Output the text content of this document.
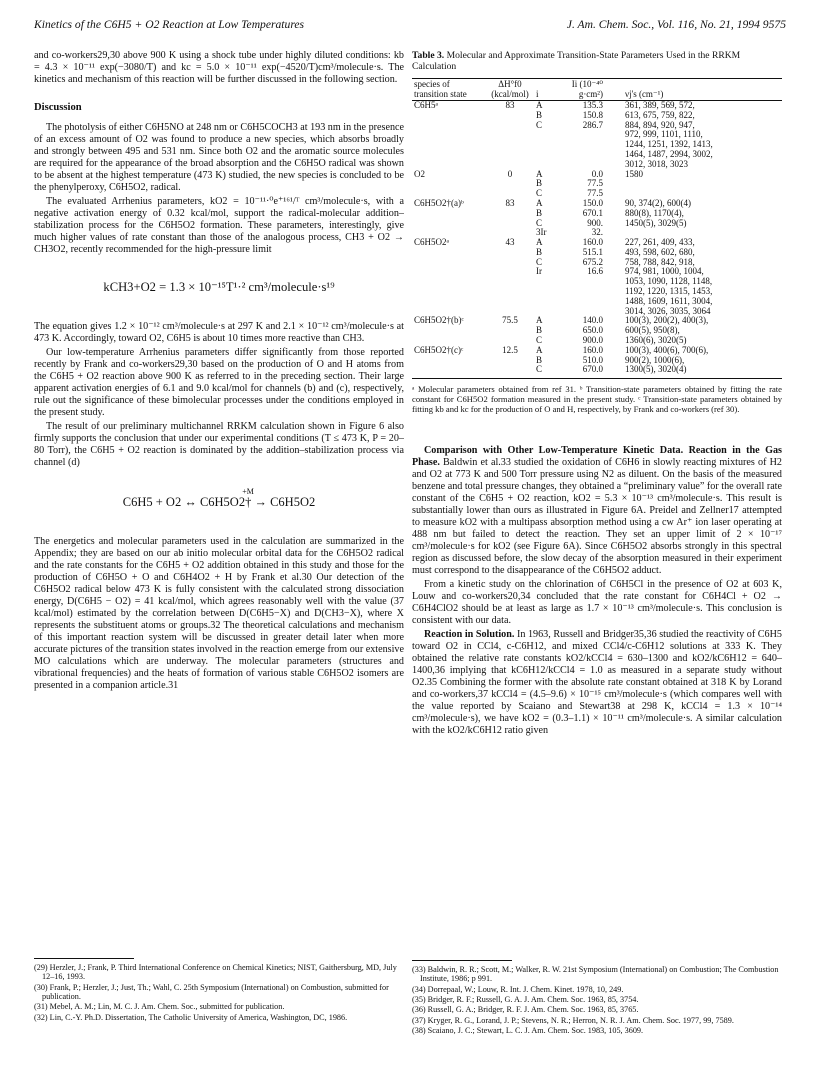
Kinetics of the C6H5 + O2 Reaction at Low Temperatures	J. Am. Chem. Soc., Vol. 116, No. 21, 1994 9575

and co-workers29,30 above 900 K using a shock tube under highly diluted conditions: kb = 4.3 × 10⁻¹¹ exp(−3080/T) and kc = 5.0 × 10⁻¹¹ exp(−4520/T)cm³/molecule·s. The kinetics and mechanism of this reaction will be further discussed in the following section.

Discussion

The photolysis of either C6H5NO at 248 nm or C6H5COCH3 at 193 nm in the presence of an excess amount of O2 was found to produce a new species, which absorbs broadly and strongly between 495 and 531 nm. Since both O2 and the aromatic source molecules are required for the appearance of the broad absorption and the C6H5O radical was shown to be absent at the highest temperature (473 K) studied, the new species is concluded to be the phenylperoxy, C6H5O2, radical.

The evaluated Arrhenius parameters, kO2 = 10⁻¹¹·⁰e⁺¹⁶¹/ᵀ cm³/molecule·s, with a negative activation energy of 0.32 kcal/mol, support the radical-molecular addition–stabilization process for the C6H5O2 formation. These parameters, interestingly, give much higher values of rate constant than those of the analogous process, CH3 + O2 → CH3O2, recently recommended for the high-pressure limit

kCH3+O2 = 1.3 × 10⁻¹⁵T¹·² cm³/molecule·s¹⁹

The equation gives 1.2 × 10⁻¹² cm³/molecule·s at 297 K and 2.1 × 10⁻¹² cm³/molecule·s at 473 K. Accordingly, toward O2, C6H5 is about 10 times more reactive than CH3.

Our low-temperature Arrhenius parameters differ significantly from those reported recently by Frank and co-workers29,30 based on the production of O and H atoms from the C6H5 + O2 reaction above 900 K as referred to in the preceding section. Their large apparent activation energies of 6.1 and 9.0 kcal/mol for channels (b) and (c), respectively, rule out the significance of these bimolecular processes under the conditions employed in the present study.

The result of our preliminary multichannel RRKM calculation shown in Figure 6 also firmly supports the conclusion that under our experimental conditions (T ≤ 473 K, P = 20–80 Torr), the C6H5 + O2 reaction is dominated by the addition–stabilization process via channel (d)

+M
C6H5 + O2 ↔ C6H5O2† → C6H5O2

The energetics and molecular parameters used in the calculation are summarized in the Appendix; they are based on our ab initio molecular orbital data for the C6H5O2 radical and the rate constants for the C6H5 + O2 addition obtained in this study and those for the production of C6H5O + O and C6H4O2 + H by Frank et al.30 Our detection of the C6H5O2 radical below 473 K is fully consistent with the calculated strong dissociation energy, D(C6H5 − O2) = 41 kcal/mol, which agrees reasonably well with the value (37 kcal/mol) estimated by the correlation between D(C6H5−X) and D(CH3−X), where X represents the substituent atoms or groups.32 The theoretical calculations and mechanism of this important reaction system will be discussed in greater detail later when more accurate pictures of the transition states involved in the reaction emerge from our extensive MO calculations which are underway. The molecular parameters (structures and vibrational frequencies) and the heats of formation of various stable C6H5O2 isomers are presented in a companion article.31

(29) Herzler, J.; Frank, P. Third International Conference on Chemical Kinetics; NIST, Gaithersburg, MD, July 12–16, 1993.
(30) Frank, P.; Herzler, J.; Just, Th.; Wahl, C. 25th Symposium (International) on Combustion, submitted for publication.
(31) Mebel, A. M.; Lin, M. C. J. Am. Chem. Soc., submitted for publication.
(32) Lin, C.-Y. Ph.D. Dissertation, The Catholic University of America, Washington, DC, 1986.
Table 3. Molecular and Approximate Transition-State Parameters Used in the RRKM Calculation
species of transition state	ΔH°f0 (kcal/mol)	i	Ii (10⁻⁴⁰ g·cm²)	νj's (cm⁻¹)
C6H5ᵃ	83	A	135.3	361, 389, 569, 572,
		B	150.8	613, 675, 759, 822,
		C	286.7	884, 894, 920, 947,
				972, 999, 1101, 1110,
				1244, 1251, 1392, 1413,
				1464, 1487, 2994, 3002,
				3012, 3018, 3023
O2	0	A	0.0	1580
		B	77.5	
		C	77.5	
C6H5O2†(a)ᵇ	83	A	150.0	90, 374(2), 600(4)
		B	670.1	880(8), 1170(4),
		C	900.	1450(5), 3029(5)
		3Ir	32.	
C6H5O2ᵃ	43	A	160.0	227, 261, 409, 433,
		B	515.1	493, 598, 602, 680,
		C	675.2	758, 788, 842, 918,
		Ir	16.6	974, 981, 1000, 1004,
				1053, 1090, 1128, 1148,
				1192, 1220, 1315, 1453,
				1488, 1609, 1611, 3004,
				3014, 3026, 3035, 3064
C6H5O2†(b)ᶜ	75.5	A	140.0	100(3), 200(2), 400(3),
		B	650.0	600(5), 950(8),
		C	900.0	1360(6), 3020(5)
C6H5O2†(c)ᶜ	12.5	A	160.0	100(3), 400(6), 700(6),
		B	510.0	900(2), 1000(6),
		C	670.0	1300(5), 3020(4)
ᵃ Molecular parameters obtained from ref 31. ᵇ Transition-state parameters obtained by fitting the rate constant for C6H5O2 formation measured in the present study. ᶜ Transition-state parameters obtained by fitting kb and kc for the production of O and H, respectively, by Frank and co-workers (ref 30).

Comparison with Other Low-Temperature Kinetic Data. Reaction in the Gas Phase. Baldwin et al.33 studied the oxidation of C6H6 in slowly reacting mixtures of H2 and O2 at 773 K and 500 Torr pressure using N2 as diluent. On the basis of the measured benzene and total pressure changes, they obtained a “preliminary value” for the overall rate constant of the C6H5 + O2 reaction, kO2 = 5.3 × 10⁻¹³ cm³/molecule·s. This result is substantially lower than ours as illustrated in Figure 6A. Preidel and Zellner17 attempted to measure kO2 with a multipass absorption method using a cw Ar⁺ ion laser operating at 488 nm but failed to detect the reaction. They set an upper limit of 2 × 10⁻¹⁷ cm³/molecule·s for kO2 (see Figure 6A). Since C6H5O2 absorbs strongly in this spectral region as discussed before, the slow decay of the absorption measured in their experiment must correspond to the disappearance of the C6H5O2 adduct.

From a kinetic study on the chlorination of C6H5Cl in the presence of O2 at 603 K, Louw and co-workers20,34 concluded that the rate constant for C6H4Cl + O2 → C6H4ClO2 should be at least as large as 1.7 × 10⁻¹³ cm³/molecule·s. This conclusion is consistent with our data.

Reaction in Solution. In 1963, Russell and Bridger35,36 studied the reactivity of C6H5 toward O2 in CCl4, c-C6H12, and mixed CCl4/c-C6H12 solutions at 333 K. They obtained the relative rate constants kO2/kCCl4 = 630–1300 and kO2/kC6H12 = 640–1400,36 implying that kC6H12/kCCl4 = 1.0 as measured in a separate study without O2.35 Combining the former with the absolute rate constant obtained at 318 K by Lorand and co-workers,37 kCCl4 = (4.5–9.6) × 10⁻¹⁵ cm³/molecule·s (which compares well with the value reported by Scaiano and Stewart38 at 298 K, kCCl4 = 1.3 × 10⁻¹⁴ cm³/molecule·s), we have kO2 = (0.3–1.1) × 10⁻¹¹ cm³/molecule·s. A similar calculation with the kO2/kC6H12 ratio given

(33) Baldwin, R. R.; Scott, M.; Walker, R. W. 21st Symposium (International) on Combustion; The Combustion Institute, 1986; p 991.
(34) Dorrepaal, W.; Louw, R. Int. J. Chem. Kinet. 1978, 10, 249.
(35) Bridger, R. F.; Russell, G. A. J. Am. Chem. Soc. 1963, 85, 3754.
(36) Russell, G. A.; Bridger, R. F. J. Am. Chem. Soc. 1963, 85, 3765.
(37) Kryger, R. G., Lorand, J. P.; Stevens, N. R.; Herron, N. R. J. Am. Chem. Soc. 1977, 99, 7589.
(38) Scaiano, J. C.; Stewart, L. C. J. Am. Chem. Soc. 1983, 105, 3609.
